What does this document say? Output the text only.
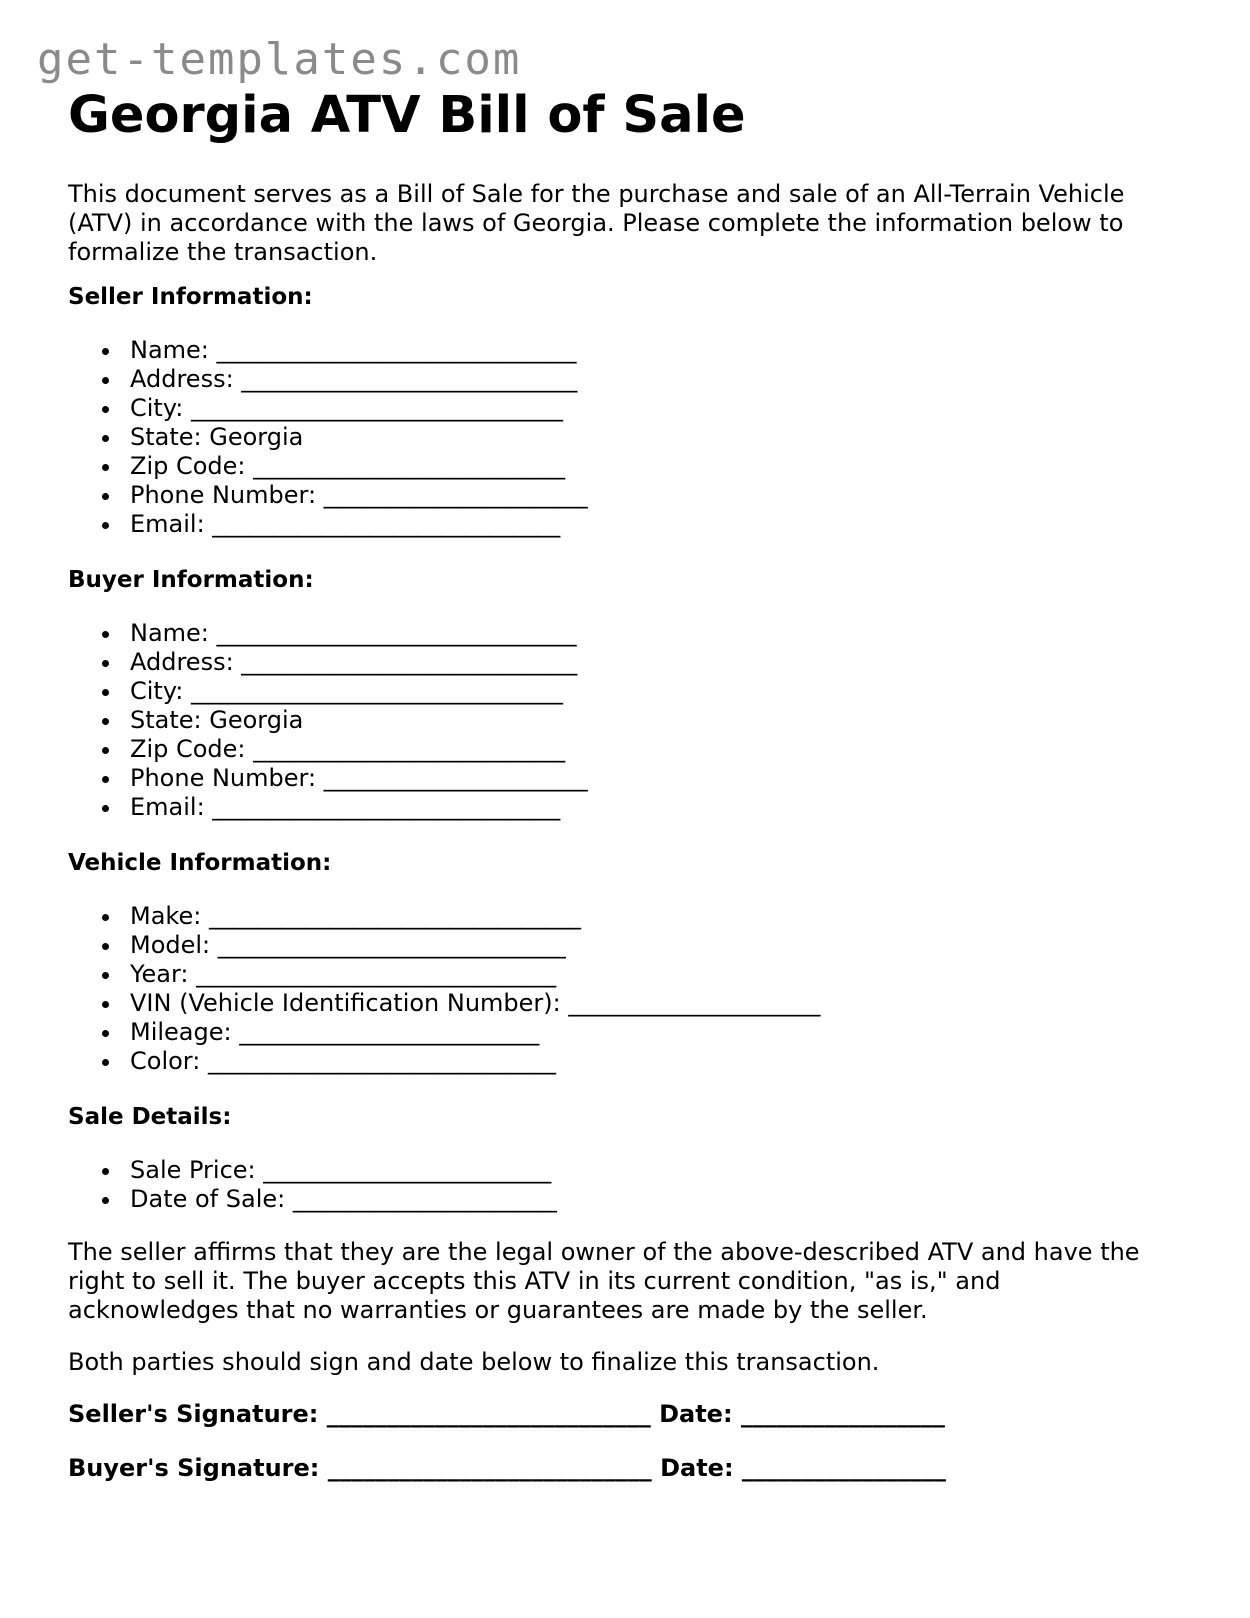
get-templates.com
Georgia ATV Bill of Sale

This document serves as a Bill of Sale for the purchase and sale of an All-Terrain Vehicle (ATV) in accordance with the laws of Georgia. Please complete the information below to formalize the transaction.

Seller Information:

Name: ______________________________
Address: ____________________________
City: _______________________________
State: Georgia
Zip Code: __________________________
Phone Number: ______________________
Email: _____________________________

Buyer Information:

Name: ______________________________
Address: ____________________________
City: _______________________________
State: Georgia
Zip Code: __________________________
Phone Number: ______________________
Email: _____________________________

Vehicle Information:

Make: _______________________________
Model: _____________________________
Year: ______________________________
VIN (Vehicle Identification Number): _____________________
Mileage: _________________________
Color: _____________________________

Sale Details:

Sale Price: ________________________
Date of Sale: ______________________

The seller affirms that they are the legal owner of the above-described ATV and have the right to sell it. The buyer accepts this ATV in its current condition, "as is," and acknowledges that no warranties or guarantees are made by the seller.

Both parties should sign and date below to finalize this transaction.

Seller's Signature: ___________________________ Date: _________________

Buyer's Signature: ___________________________ Date: _________________
